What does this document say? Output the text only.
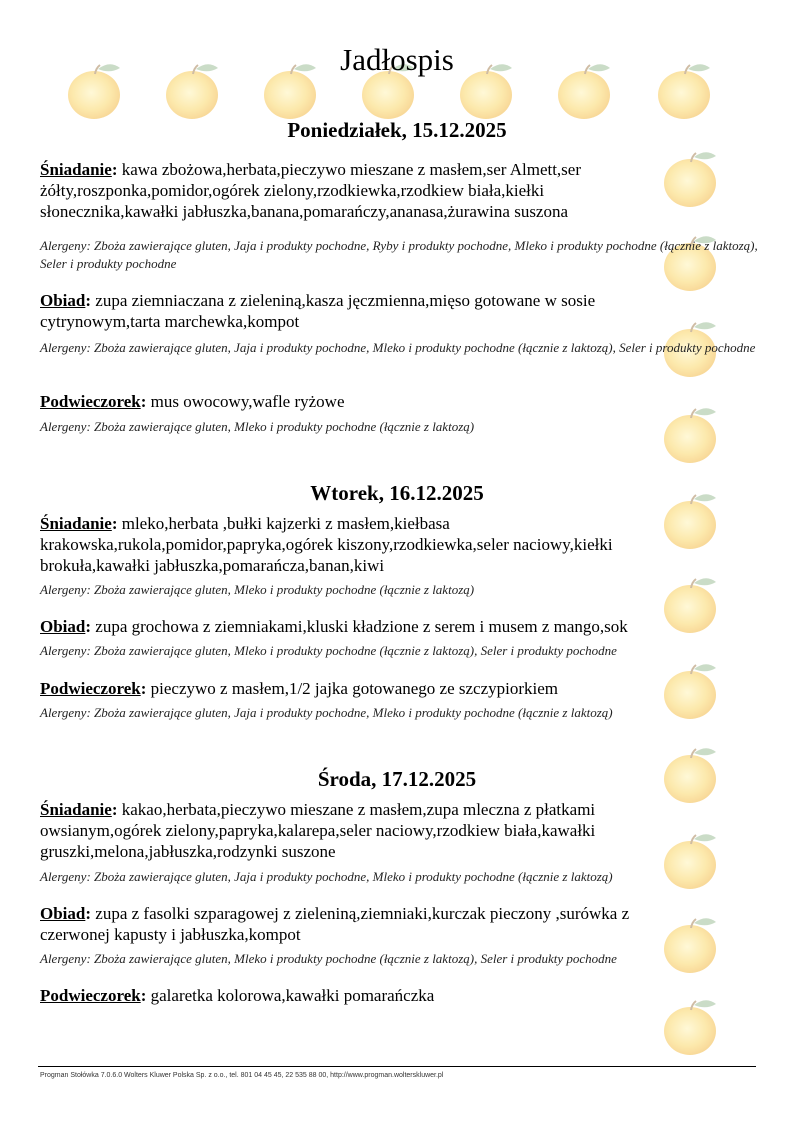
Jadłospis
Poniedziałek, 15.12.2025
Śniadanie: kawa zbożowa,herbata,pieczywo mieszane z masłem,ser Almett,ser żółty,roszponka,pomidor,ogórek zielony,rzodkiewka,rzodkiew biała,kiełki słonecznika,kawałki jabłuszka,banana,pomarańczy,ananasa,żurawina suszona
Alergeny: Zboża zawierające gluten, Jaja i produkty pochodne, Ryby i produkty pochodne, Mleko i produkty pochodne (łącznie z laktozą), Seler i produkty pochodne
Obiad: zupa ziemniaczana z zieleniną,kasza jęczmienna,mięso gotowane w sosie cytrynowym,tarta marchewka,kompot
Alergeny: Zboża zawierające gluten, Jaja i produkty pochodne, Mleko i produkty pochodne (łącznie z laktozą), Seler i produkty pochodne
Podwieczorek: mus owocowy,wafle ryżowe
Alergeny: Zboża zawierające gluten, Mleko i produkty pochodne (łącznie z laktozą)
Wtorek, 16.12.2025
Śniadanie: mleko,herbata ,bułki kajzerki z masłem,kiełbasa krakowska,rukola,pomidor,papryka,ogórek kiszony,rzodkiewka,seler naciowy,kiełki brokuła,kawałki jabłuszka,pomarańcza,banan,kiwi
Alergeny: Zboża zawierające gluten, Mleko i produkty pochodne (łącznie z laktozą)
Obiad: zupa grochowa z ziemniakami,kluski kładzione z serem i musem z mango,sok
Alergeny: Zboża zawierające gluten, Mleko i produkty pochodne (łącznie z laktozą), Seler i produkty pochodne
Podwieczorek: pieczywo z masłem,1/2 jajka gotowanego ze szczypiorkiem
Alergeny: Zboża zawierające gluten, Jaja i produkty pochodne, Mleko i produkty pochodne (łącznie z laktozą)
Środa, 17.12.2025
Śniadanie: kakao,herbata,pieczywo mieszane z masłem,zupa mleczna z płatkami owsianym,ogórek zielony,papryka,kalarepa,seler naciowy,rzodkiew biała,kawałki gruszki,melona,jabłuszka,rodzynki suszone
Alergeny: Zboża zawierające gluten, Jaja i produkty pochodne, Mleko i produkty pochodne (łącznie z laktozą)
Obiad: zupa z fasolki szparagowej z zieleniną,ziemniaki,kurczak pieczony ,surówka z czerwonej kapusty i jabłuszka,kompot
Alergeny: Zboża zawierające gluten, Mleko i produkty pochodne (łącznie z laktozą), Seler i produkty pochodne
Podwieczorek: galaretka kolorowa,kawałki pomarańczka
Progman Stołówka 7.0.6.0 Wolters Kluwer Polska Sp. z o.o., tel. 801 04 45 45, 22 535 88 00, http://www.progman.wolterskluwer.pl
